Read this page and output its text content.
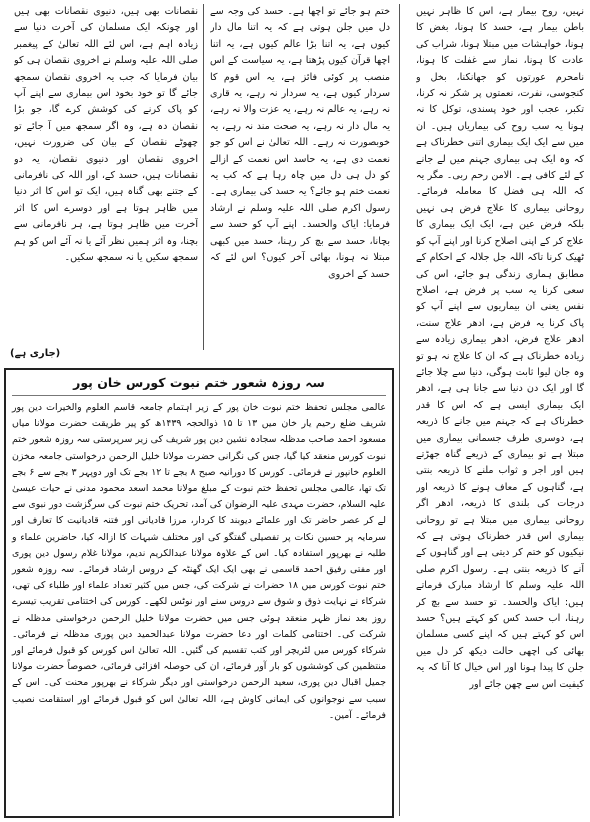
نہیں، روح بیمار ہے، اس کا ظاہر نہیں باطن بیمار ہے، حسد کا ہونا، بغض کا ہونا، خواہشات میں مبتلا ہونا، شراب کی عادت کا ہونا، نماز سے غفلت کا ہونا، نامحرم عورتوں کو جھانکنا، بخل و کنجوسی، نفرت، نعمتوں پر شکر نہ کرنا، تکبر، عجب اور خود پسندی، توکل کا نہ ہونا یہ سب روح کی بیماریاں ہیں۔ ان میں سے ایک ایک بیماری اتنی خطرناک ہے کہ وہ ایک ہی بیماری جہنم میں لے جانے کے لئے کافی ہے۔ الامن رحم ربی۔ مگر یہ کہ اللہ ہی فضل کا معاملہ فرمائے۔ روحانی بیماری کا علاج فرض ہی نہیں بلکہ فرض عین ہے، ایک ایک بیماری کا علاج کر کے اپنی اصلاح کرنا اور اپنے آپ کو ٹھیک کرنا تاکہ اللہ جل جلالہ کے احکام کے مطابق ہماری زندگی ہو جائے، اس کی سعی کرنا یہ سب پر فرض ہے، اصلاح نفس یعنی ان بیماریوں سے اپنے آپ کو پاک کرنا یہ فرض ہے، ادھر علاج سنت، ادھر علاج فرض، ادھر بیماری زیادہ سے زیادہ خطرناک ہے کہ ان کا علاج نہ ہو تو وہ جان لیوا ثابت ہوگی، دنیا سے چلا جائے گا اور ایک دن دنیا سے جانا ہی ہے، ادھر ایک بیماری ایسی ہے کہ اس کا قدر خطرناک ہے کہ جہنم میں جانے کا ذریعہ ہے، دوسری طرف جسمانی بیماری میں مبتلا ہے تو بیماری کے ذریعے گناہ جھڑتے ہیں اور اجر و ثواب ملنے کا ذریعہ بنتی ہے، گناہوں کے معاف ہونے کا ذریعہ اور درجات کی بلندی کا ذریعہ، ادھر اگر روحانی بیماری میں مبتلا ہے تو روحانی بیماری اس قدر خطرناک ہوتی ہے کہ نیکیوں کو ختم کر دیتی ہے اور گناہوں کے آنے کا ذریعہ بنتی ہے۔ رسول اکرم صلی اللہ علیہ وسلم کا ارشاد مبارک فرماتے ہیں: ایاک والحسد۔ تو حسد سے بچ کر رہنا، اب حسد کس کو کہتے ہیں؟ حسد اس کو کہتے ہیں کہ اپنے کسی مسلمان بھائی کی اچھی حالت دیکھ کر دل میں جلن کا پیدا ہونا اور اس خیال کا آنا کہ یہ کیفیت اس سے چھن جائے اور

ختم ہو جائے تو اچھا ہے۔ حسد کی وجہ سے دل میں جلن ہوتی ہے کہ یہ اتنا مال دار کیوں ہے، یہ اتنا بڑا عالم کیوں ہے، یہ اتنا اچھا قرآن کیوں پڑھتا ہے، یہ سیاست کے اس منصب پر کوئی فائز ہے، یہ اس قوم کا سردار کیوں ہے، یہ سردار نہ رہے، یہ قاری نہ رہے، یہ عالم نہ رہے، یہ عزت والا نہ رہے، یہ مال دار نہ رہے، یہ صحت مند نہ رہے، یہ خوبصورت نہ رہے۔ اللہ تعالیٰ نے اس کو جو نعمت دی ہے، یہ حاسد اس نعمت کے ازالے کو دل ہی دل میں چاہ رہا ہے کہ کب یہ نعمت ختم ہو جائے؟ یہ حسد کی بیماری ہے۔ رسول اکرم صلی اللہ علیہ وسلم نے ارشاد فرمایا: ایاک والحسد۔ اپنے آپ کو حسد سے بچانا، حسد سے بچ کر رہنا، حسد میں کبھی مبتلا نہ ہونا، بھائی آخر کیوں؟ اس لئے کہ حسد کے اخروی

نقصانات بھی ہیں، دنیوی نقصانات بھی ہیں اور چونکہ ایک مسلمان کی آخرت دنیا سے زیادہ اہم ہے، اس لئے اللہ تعالیٰ کے پیغمبر صلی اللہ علیہ وسلم نے اخروی نقصان ہی کو بیان فرمایا کہ جب یہ اخروی نقصان سمجھ جائے گا تو خود بخود اس بیماری سے اپنے آپ کو پاک کرنے کی کوشش کرے گا، جو بڑا نقصان دہ ہے، وہ اگر سمجھ میں آ جائے تو چھوٹے نقصان کے بیان کی ضرورت نہیں، اخروی نقصان اور دنیوی نقصان، یہ دو نقصانات ہیں، حسد کے، اور اللہ کی نافرمانی کے جتنے بھی گناہ ہیں، ایک تو اس کا اثر دنیا میں ظاہر ہوتا ہے اور دوسرے اس کا اثر آخرت میں ظاہر ہوتا ہے، ہر نافرمانی سے بچنا، وہ اثر ہمیں نظر آئے یا نہ آئے اس کو ہم سمجھ سکیں یا نہ سمجھ سکیں۔

(جاری ہے)
سہ روزہ شعور ختم نبوت کورس خان پور

عالمی مجلس تحفظ ختم نبوت خان پور کے زیر اہتمام جامعہ قاسم العلوم والخیرات دین پور شریف ضلع رحیم یار خان میں ۱۳ تا ۱۵ ذوالحجہ ۱۴۳۹ھ کو پیر طریقت حضرت مولانا میاں مسعود احمد صاحب مدظلہ سجادہ نشین دین پور شریف کی زیر سرپرستی سہ روزہ شعور ختم نبوت کورس منعقد کیا گیا، جس کی نگرانی حضرت مولانا خلیل الرحمن درخواستی جامعہ مخزن العلوم خانپور نے فرمائی۔ کورس کا دورانیہ صبح ۸ بجے تا ۱۲ بجے تک اور دوپہر ۳ بجے سے ۶ بجے تک تھا، عالمی مجلس تحفظ ختم نبوت کے مبلغ مولانا محمد اسعد محمود مدنی نے حیات عیسیٰ علیہ السلام، حضرت مہدی علیہ الرضوان کی آمد، تحریک ختم نبوت کی سرگزشت دور نبوی سے لے کر عصر حاضر تک اور علمائے دیوبند کا کردار، مرزا قادیانی اور فتنہ قادیانیت کا تعارف اور سرمایہ پر حسین نکات پر تفصیلی گفتگو کی اور مختلف شبہات کا ازالہ کیا، حاضرین علماء و طلبہ نے بھرپور استفادہ کیا۔ اس کے علاوہ مولانا عبدالکریم ندیم، مولانا غلام رسول دین پوری اور مفتی رفیق احمد قاسمی نے بھی ایک ایک گھنٹہ کے دروس ارشاد فرمائے۔ سہ روزہ شعور ختم نبوت کورس میں ۱۸ حضرات نے شرکت کی، جس میں کثیر تعداد علماء اور طلباء کی تھی، شرکاء نے نہایت ذوق و شوق سے دروس سنے اور نوٹس لکھے۔ کورس کی اختتامی تقریب تیسرے روز بعد نماز ظہر منعقد ہوئی جس میں حضرت مولانا خلیل الرحمن درخواستی مدظلہ نے شرکت کی۔ اختتامی کلمات اور دعا حضرت مولانا عبدالحمید دین پوری مدظلہ نے فرمائی۔ شرکاء کورس میں لٹریچر اور کتب تقسیم کی گئیں۔ اللہ تعالیٰ اس کورس کو قبول فرمائے اور منتظمین کی کوششوں کو بار آور فرمائے، ان کی حوصلہ افزائی فرمائی، خصوصاً حضرت مولانا جمیل اقبال دین پوری، سعید الرحمن درخواستی اور دیگر شرکاء نے بھرپور محنت کی۔ اس کے سبب سے نوجوانوں کی ایمانی کاوش ہے، اللہ تعالیٰ اس کو قبول فرمائے اور استقامت نصیب فرمائے۔ آمین۔
